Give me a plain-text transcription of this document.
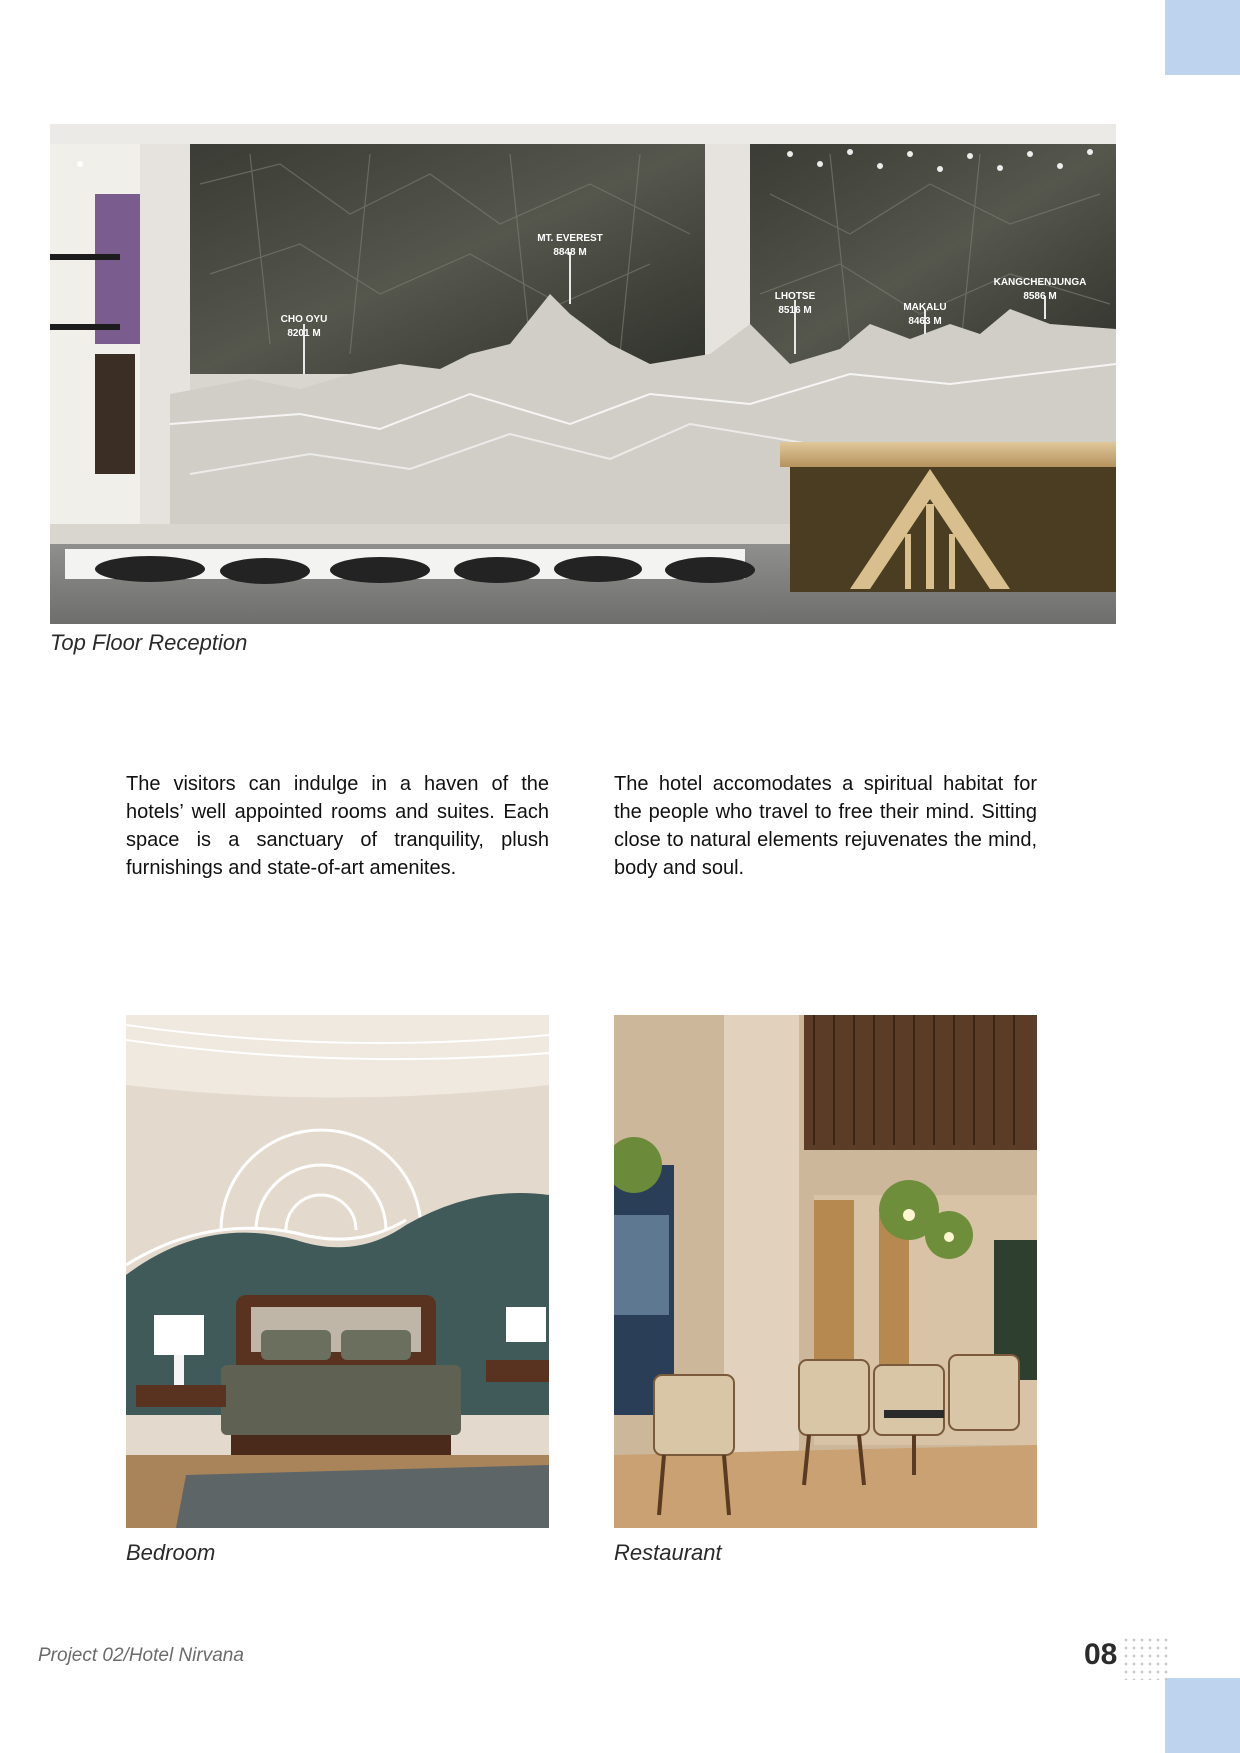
CHO OYU
8201 M
MT. EVEREST
8848 M
LHOTSE
8516 M	MAKALU
8463 M
KANGCHENJUNGA
8586 M
Top Floor Reception

The visitors can indulge in a haven of the hotels’ well appointed rooms and suites. Each space is a sanctuary of tranquility, plush furnishings and state-of-art amenites.

The hotel accomodates a spiritual habitat for the people who travel to free their mind. Sitting close to natural elements rejuvenates the mind, body and soul.

Bedroom	Restaurant
Project 02/Hotel Nirvana	08
